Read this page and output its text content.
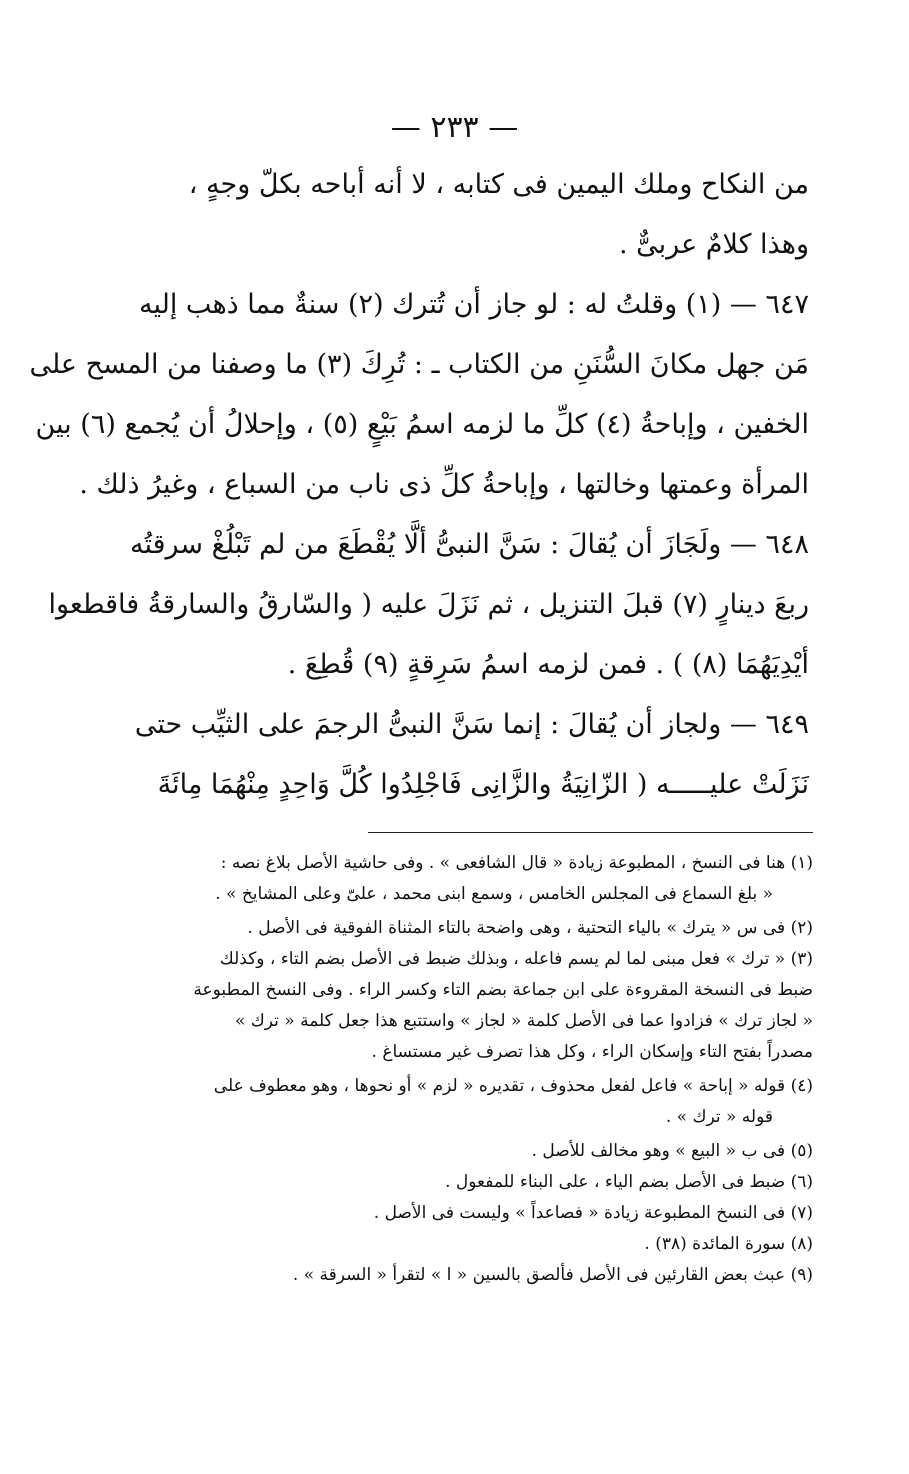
— ٢٣٣ —
من النكاح وملك اليمين فى كتابه ، لا أنه أباحه بكلّ وجهٍ ،
وهذا كلامٌ عربىٌّ .
٦٤٧ — (١) وقلتُ له : لو جاز أن تُترك (٢) سنةٌ مما ذهب إليه
مَن جهل مكانَ السُّنَنِ من الكتاب ـ : تُرِكَ (٣) ما وصفنا من المسح على
الخفين ، وإباحةُ (٤) كلِّ ما لزمه اسمُ بَيْعٍ (٥) ، وإحلالُ أن يُجمع (٦) بين
المرأة وعمتها وخالتها ، وإباحةُ كلِّ ذى ناب من السباع ، وغيرُ ذلك .
٦٤٨ — ولَجَازَ أن يُقالَ : سَنَّ النبىُّ ألَّا يُقْطَعَ من لم تَبْلُغْ سرقتُه
ربعَ دينارٍ (٧) قبلَ التنزيل ، ثم نَزَلَ عليه ( والسّارقُ والسارقةُ فاقطعوا
أيْدِيَهُمَا (٨) ) . فمن لزمه اسمُ سَرِقةٍ (٩) قُطِعَ .
٦٤٩ — ولجاز أن يُقالَ : إنما سَنَّ النبىُّ الرجمَ على الثيِّب حتى
نَزَلَتْ عليـــــه ( الزّانِيَةُ والزَّانِى فَاجْلِدُوا كُلَّ وَاحِدٍ مِنْهُمَا مِائَةَ
(١) هنا فى النسخ ، المطبوعة زيادة « قال الشافعى » . وفى حاشية الأصل بلاغ نصه :
« بلغ السماع فى المجلس الخامس ، وسمع ابنى محمد ، علىّ وعلى المشايخ » .
(٢) فى س « يترك » بالياء التحتية ، وهى واضحة بالتاء المثناة الفوقية فى الأصل .
(٣) « ترك » فعل مبنى لما لم يسم فاعله ، وبذلك ضبط فى الأصل بضم التاء ، وكذلك
ضبط فى النسخة المقروءة على ابن جماعة بضم التاء وكسر الراء . وفى النسخ المطبوعة
« لجاز ترك » فزادوا عما فى الأصل كلمة « لجاز » واستتبع هذا جعل كلمة « ترك »
مصدراً بفتح التاء وإسكان الراء ، وكل هذا تصرف غير مستساغ .
(٤) قوله « إباحة » فاعل لفعل محذوف ، تقديره « لزم » أو نحوها ، وهو معطوف على
قوله « ترك » .
(٥) فى ب « البيع » وهو مخالف للأصل .
(٦) ضبط فى الأصل بضم الياء ، على البناء للمفعول .
(٧) فى النسخ المطبوعة زيادة « فصاعداً » وليست فى الأصل .
(٨) سورة المائدة (٣٨) .
(٩) عبث بعض القارئين فى الأصل فألصق بالسين « ا » لتقرأ « السرقة » .
